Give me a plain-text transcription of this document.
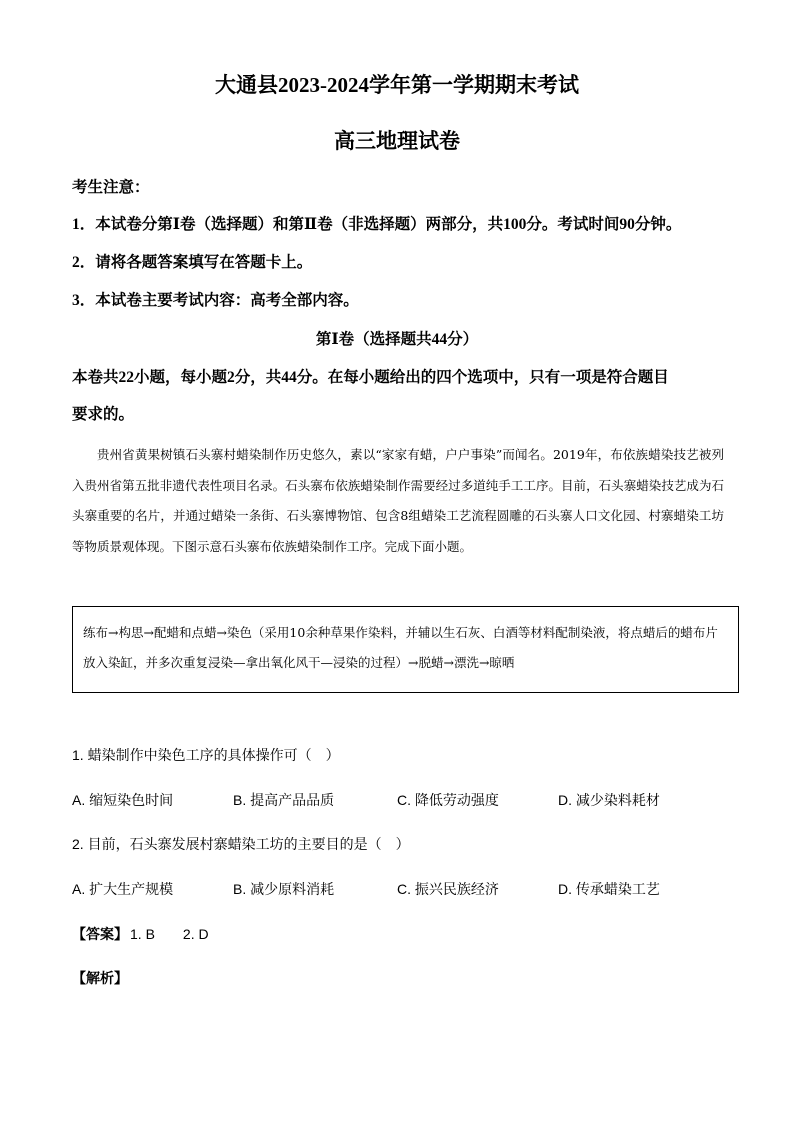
大通县2023-2024学年第一学期期末考试
高三地理试卷
考生注意：
1．本试卷分第Ⅰ卷（选择题）和第Ⅱ卷（非选择题）两部分，共100分。考试时间90分钟。
2．请将各题答案填写在答题卡上。
3．本试卷主要考试内容：高考全部内容。
第Ⅰ卷（选择题共44分）
本卷共22小题，每小题2分，共44分。在每小题给出的四个选项中，只有一项是符合题目
要求的。
贵州省黄果树镇石头寨村蜡染制作历史悠久，素以“家家有蜡，户户事染”而闻名。2019年，布依族蜡染技艺被列入贵州省第五批非遗代表性项目名录。石头寨布依族蜡染制作需要经过多道纯手工工序。目前，石头寨蜡染技艺成为石头寨重要的名片，并通过蜡染一条街、石头寨博物馆、包含8组蜡染工艺流程圆雕的石头寨人口文化园、村寨蜡染工坊等物质景观体现。下图示意石头寨布依族蜡染制作工序。完成下面小题。
练布→构思→配蜡和点蜡→染色（采用10余种草果作染料，并辅以生石灰、白酒等材料配制染液，将点蜡后的蜡布片放入染缸，并多次重复浸染—拿出氧化风干—浸染的过程）→脱蜡→漂洗→晾晒
1. 蜡染制作中染色工序的具体操作可（　）
A. 缩短染色时间	B. 提高产品品质	C. 降低劳动强度	D. 减少染料耗材
2. 目前，石头寨发展村寨蜡染工坊的主要目的是（　）
A. 扩大生产规模	B. 减少原料消耗	C. 振兴民族经济	D. 传承蜡染工艺
【答案】 1. B 2. D
【解析】
